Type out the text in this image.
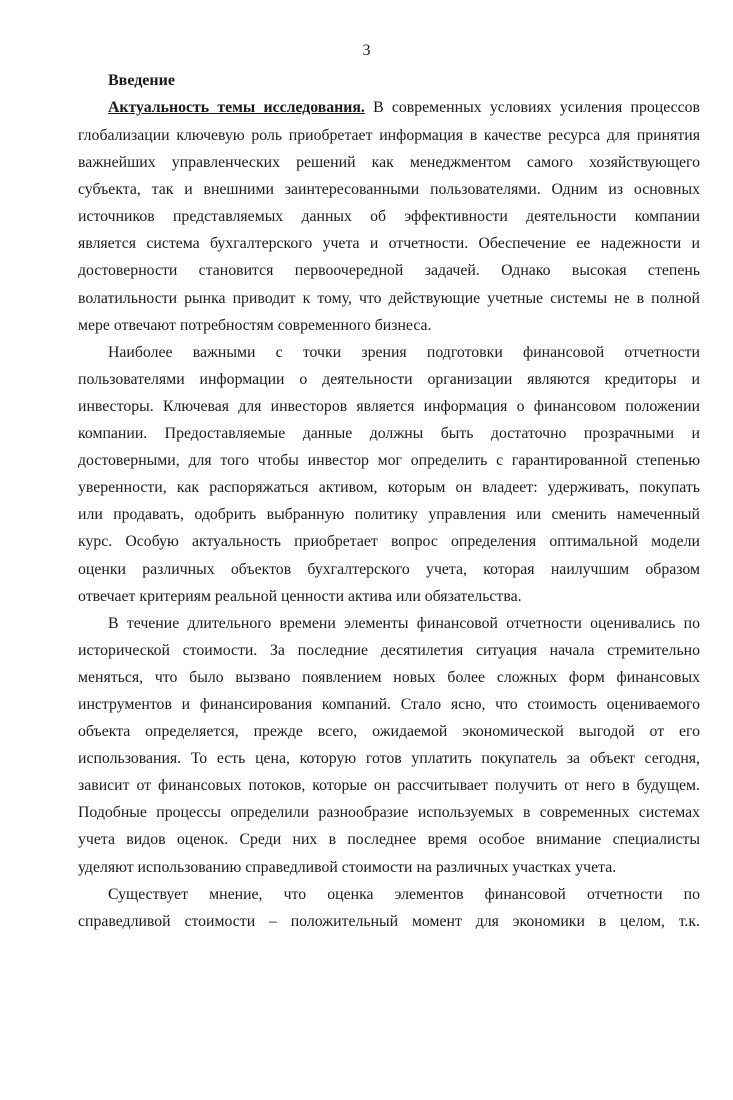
3
Введение
Актуальность темы исследования. В современных условиях усиления процессов
глобализации ключевую роль приобретает информация в качестве ресурса для принятия
важнейших управленческих решений как менеджментом самого хозяйствующего
субъекта, так и внешними заинтересованными пользователями. Одним из основных
источников представляемых данных об эффективности деятельности компании
является система бухгалтерского учета и отчетности. Обеспечение ее надежности и
достоверности становится первоочередной задачей. Однако высокая степень
волатильности рынка приводит к тому, что действующие учетные системы не в полной
мере отвечают потребностям современного бизнеса.
Наиболее важными с точки зрения подготовки финансовой отчетности
пользователями информации о деятельности организации являются кредиторы и
инвесторы. Ключевая для инвесторов является информация о финансовом положении
компании. Предоставляемые данные должны быть достаточно прозрачными и
достоверными, для того чтобы инвестор мог определить с гарантированной степенью
уверенности, как распоряжаться активом, которым он владеет: удерживать, покупать
или продавать, одобрить выбранную политику управления или сменить намеченный
курс. Особую актуальность приобретает вопрос определения оптимальной модели
оценки различных объектов бухгалтерского учета, которая наилучшим образом
отвечает критериям реальной ценности актива или обязательства.
В течение длительного времени элементы финансовой отчетности оценивались по
исторической стоимости. За последние десятилетия ситуация начала стремительно
меняться, что было вызвано появлением новых более сложных форм финансовых
инструментов и финансирования компаний. Стало ясно, что стоимость оцениваемого
объекта определяется, прежде всего, ожидаемой экономической выгодой от его
использования. То есть цена, которую готов уплатить покупатель за объект сегодня,
зависит от финансовых потоков, которые он рассчитывает получить от него в будущем.
Подобные процессы определили разнообразие используемых в современных системах
учета видов оценок. Среди них в последнее время особое внимание специалисты
уделяют использованию справедливой стоимости на различных участках учета.
Существует мнение, что оценка элементов финансовой отчетности по
справедливой стоимости – положительный момент для экономики в целом, т.к.
